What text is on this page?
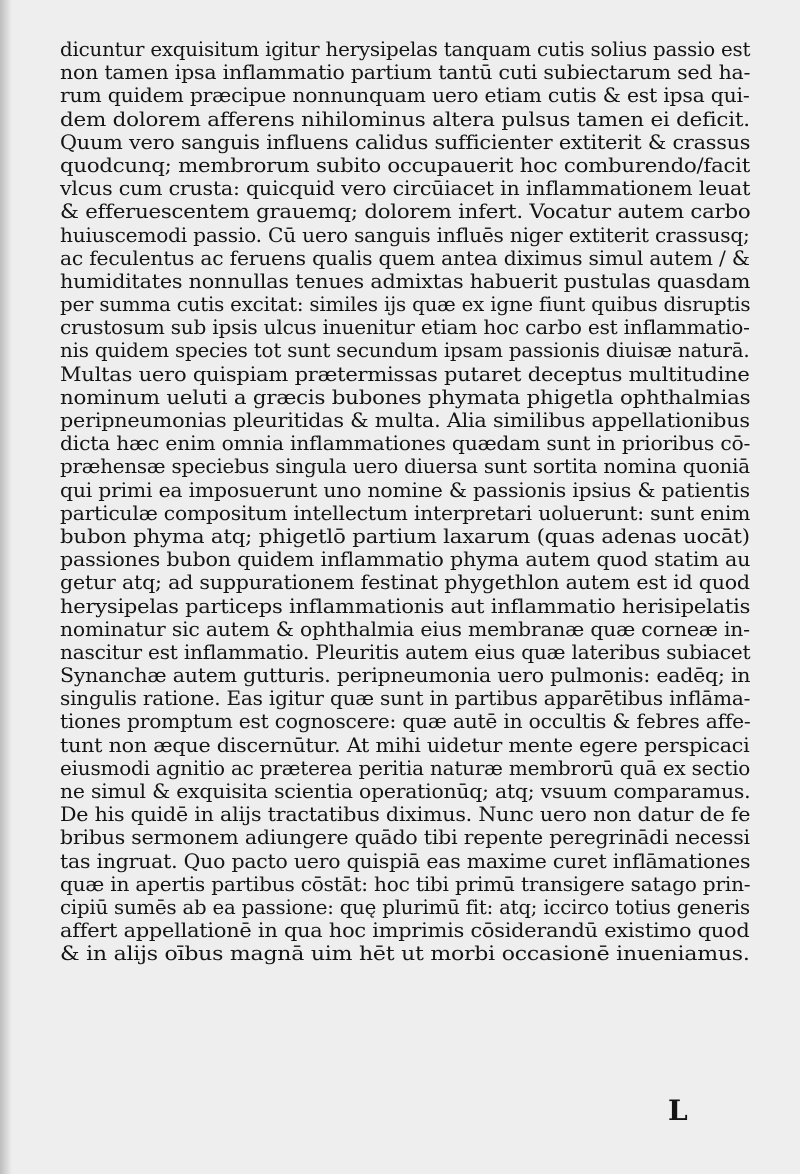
dicuntur exquisitum igitur herysipelas tanquam cutis solius passio est
non tamen ipsa inflammatio partium tantū cuti subiectarum sed ha‑
rum quidem præcipue nonnunquam uero etiam cutis & est ipsa qui‑
dem dolorem afferens nihilominus altera pulsus tamen ei deficit.
Quum vero sanguis influens calidus sufficienter extiterit & crassus
quodcunq; membrorum subito occupauerit hoc comburendo/facit
vlcus cum crusta: quicquid vero circūiacet in inflammationem leuat
& efferuescentem grauemq; dolorem infert. Vocatur autem carbo
huiuscemodi passio. Cū uero sanguis influēs niger extiterit crassusq;
ac feculentus ac feruens qualis quem antea diximus simul autem / &
humiditates nonnullas tenues admixtas habuerit pustulas quasdam
per summa cutis excitat: similes ijs quæ ex igne fiunt quibus disruptis
crustosum sub ipsis ulcus inuenitur etiam hoc carbo est inflammatio‑
nis quidem species tot sunt secundum ipsam passionis diuisæ naturā.
Multas uero quispiam prætermissas putaret deceptus multitudine
nominum ueluti a græcis bubones phymata phigetla ophthalmias
peripneumonias pleuritidas & multa. Alia similibus appellationibus
dicta hæc enim omnia inflammationes quædam sunt in prioribus cō‑
præhensæ speciebus singula uero diuersa sunt sortita nomina quoniā
qui primi ea imposuerunt uno nomine & passionis ipsius & patientis
particulæ compositum intellectum interpretari uoluerunt: sunt enim
bubon phyma atq; phigetlō partium laxarum (quas adenas uocāt)
passiones bubon quidem inflammatio phyma autem quod statim au
getur atq; ad suppurationem festinat phygethlon autem est id quod
herysipelas particeps inflammationis aut inflammatio herisipelatis
nominatur sic autem & ophthalmia eius membranæ quæ corneæ in‑
nascitur est inflammatio. Pleuritis autem eius quæ lateribus subiacet
Synanchæ autem gutturis. peripneumonia uero pulmonis: eadēq; in
singulis ratione. Eas igitur quæ sunt in partibus apparētibus inflāma‑
tiones promptum est cognoscere: quæ autē in occultis & febres affe‑
tunt non æque discernūtur. At mihi uidetur mente egere perspicaci
eiusmodi agnitio ac præterea peritia naturæ membrorū quā ex sectio
ne simul & exquisita scientia operationūq; atq; vsuum comparamus.
De his quidē in alijs tractatibus diximus. Nunc uero non datur de fe
bribus sermonem adiungere quādo tibi repente peregrinādi necessi
tas ingruat. Quo pacto uero quispiā eas maxime curet inflāmationes
quæ in apertis partibus cōstāt: hoc tibi primū transigere satago prin‑
cipiū sumēs ab ea passione: quę plurimū fit: atq; iccirco totius generis
affert appellationē in qua hoc imprimis cōsiderandū existimo quod
& in alijs oībus magnā uim hēt ut morbi occasionē inueniamus.
L
